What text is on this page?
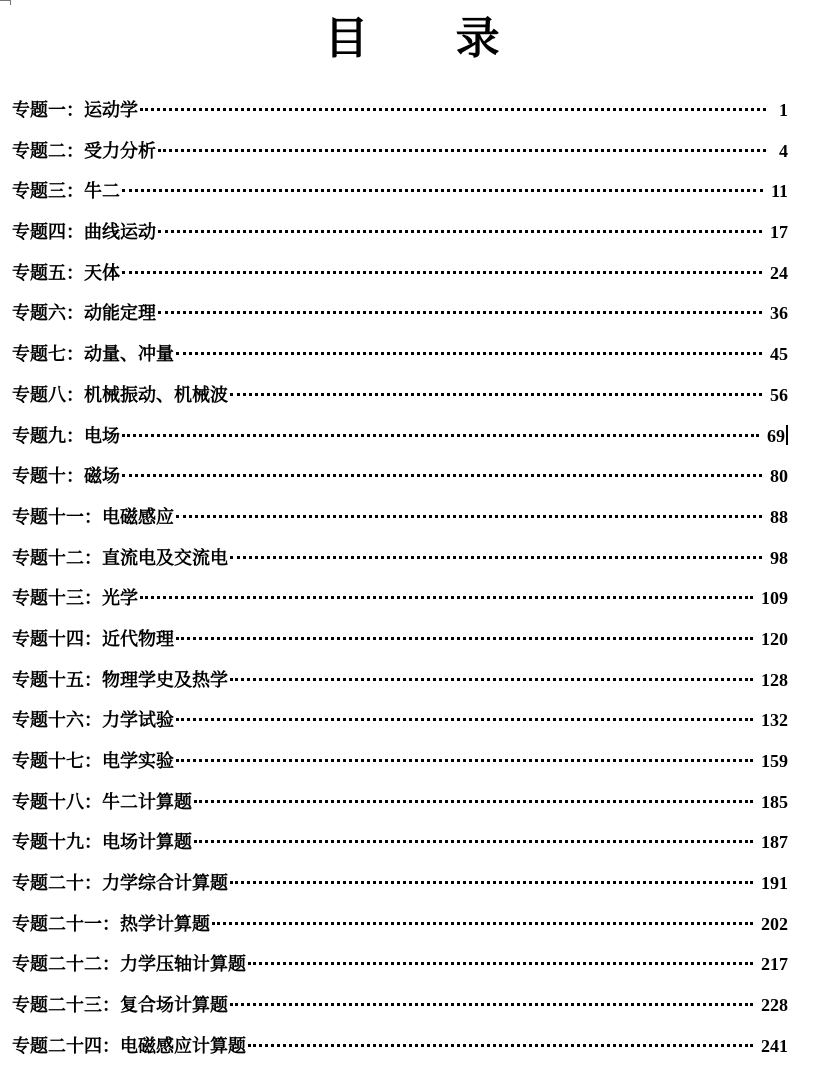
目 录
专题一：运动学	1
专题二：受力分析	4
专题三：牛二	11
专题四：曲线运动	17
专题五：天体	24
专题六：动能定理	36
专题七：动量、冲量	45
专题八：机械振动、机械波	56
专题九：电场	69
专题十：磁场	80
专题十一：电磁感应	88
专题十二：直流电及交流电	98
专题十三：光学	109
专题十四：近代物理	120
专题十五：物理学史及热学	128
专题十六：力学试验	132
专题十七：电学实验	159
专题十八：牛二计算题	185
专题十九：电场计算题	187
专题二十：力学综合计算题	191
专题二十一：热学计算题	202
专题二十二：力学压轴计算题	217
专题二十三：复合场计算题	228
专题二十四：电磁感应计算题	241
